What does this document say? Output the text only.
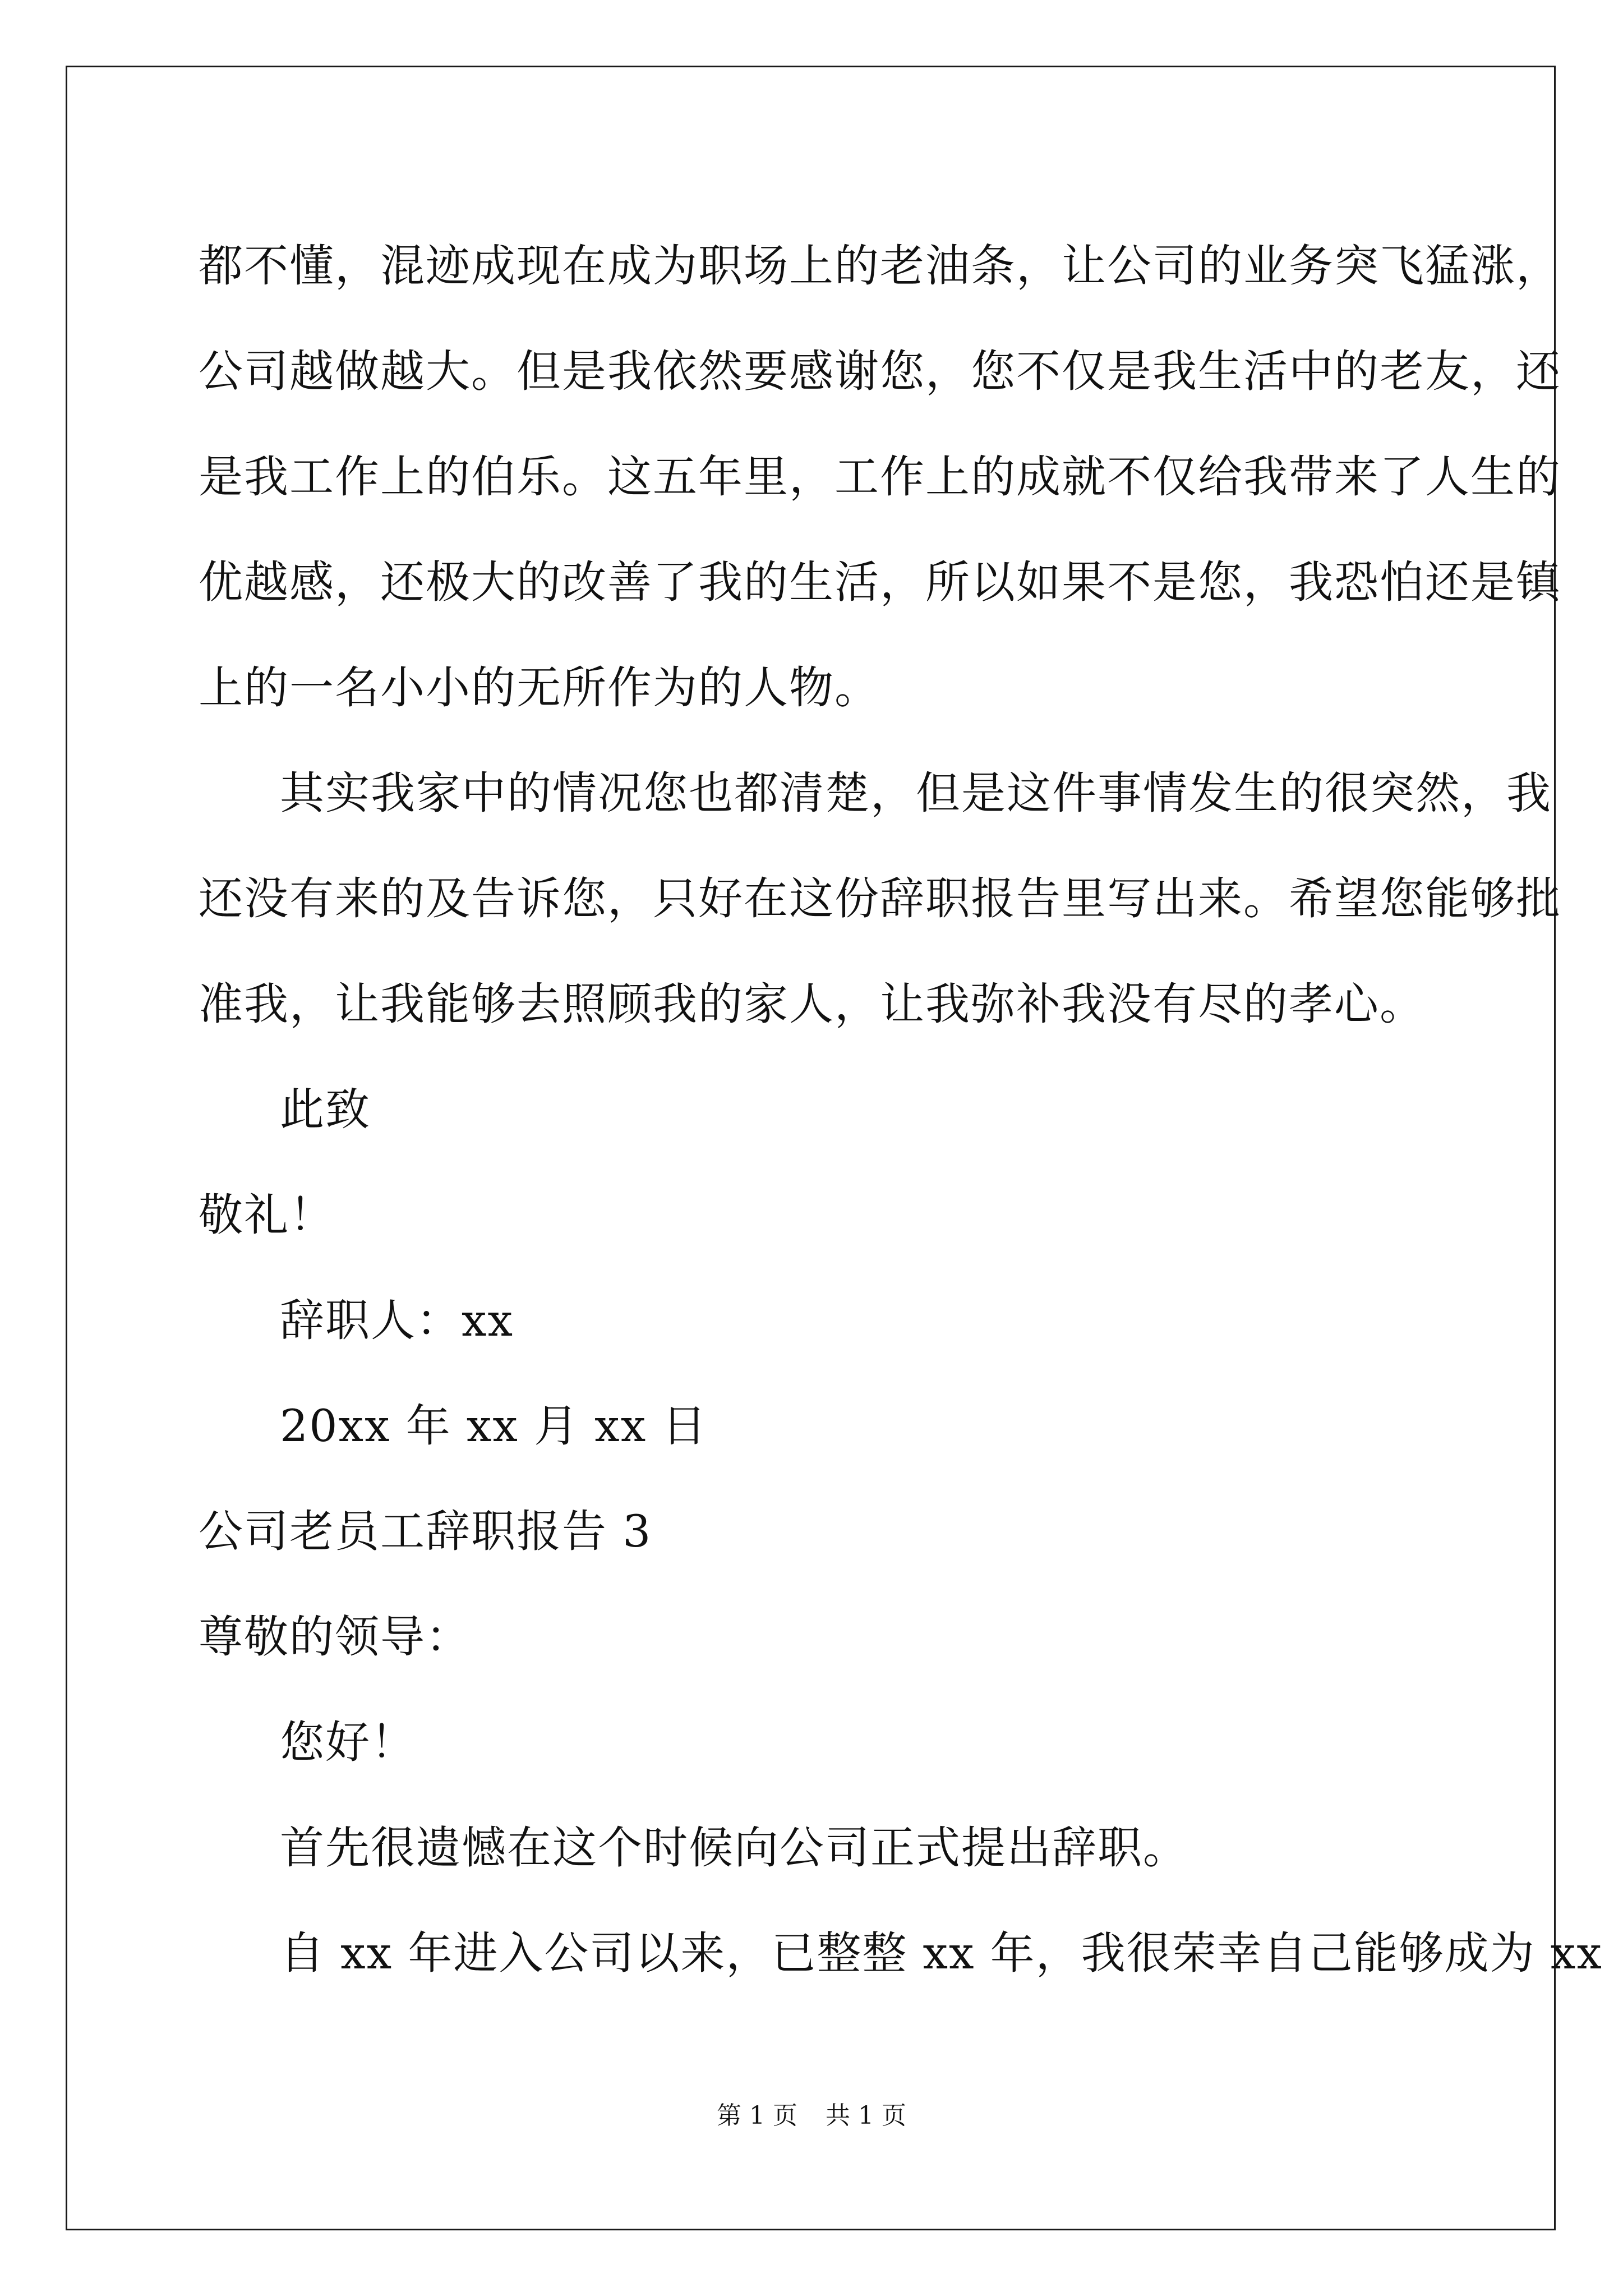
都不懂，混迹成现在成为职场上的老油条，让公司的业务突飞猛涨，
公司越做越大。但是我依然要感谢您，您不仅是我生活中的老友，还
是我工作上的伯乐。这五年里，工作上的成就不仅给我带来了人生的
优越感，还极大的改善了我的生活，所以如果不是您，我恐怕还是镇
上的一名小小的无所作为的人物。
其实我家中的情况您也都清楚，但是这件事情发生的很突然，我
还没有来的及告诉您，只好在这份辞职报告里写出来。希望您能够批
准我，让我能够去照顾我的家人，让我弥补我没有尽的孝心。
此致
敬礼！
辞职人：xx
20xx 年 xx 月 xx 日
公司老员工辞职报告 3
尊敬的领导：
您好！
首先很遗憾在这个时候向公司正式提出辞职。
自 xx 年进入公司以来，已整整 xx 年，我很荣幸自己能够成为 xx
第 1 页 共 1 页
